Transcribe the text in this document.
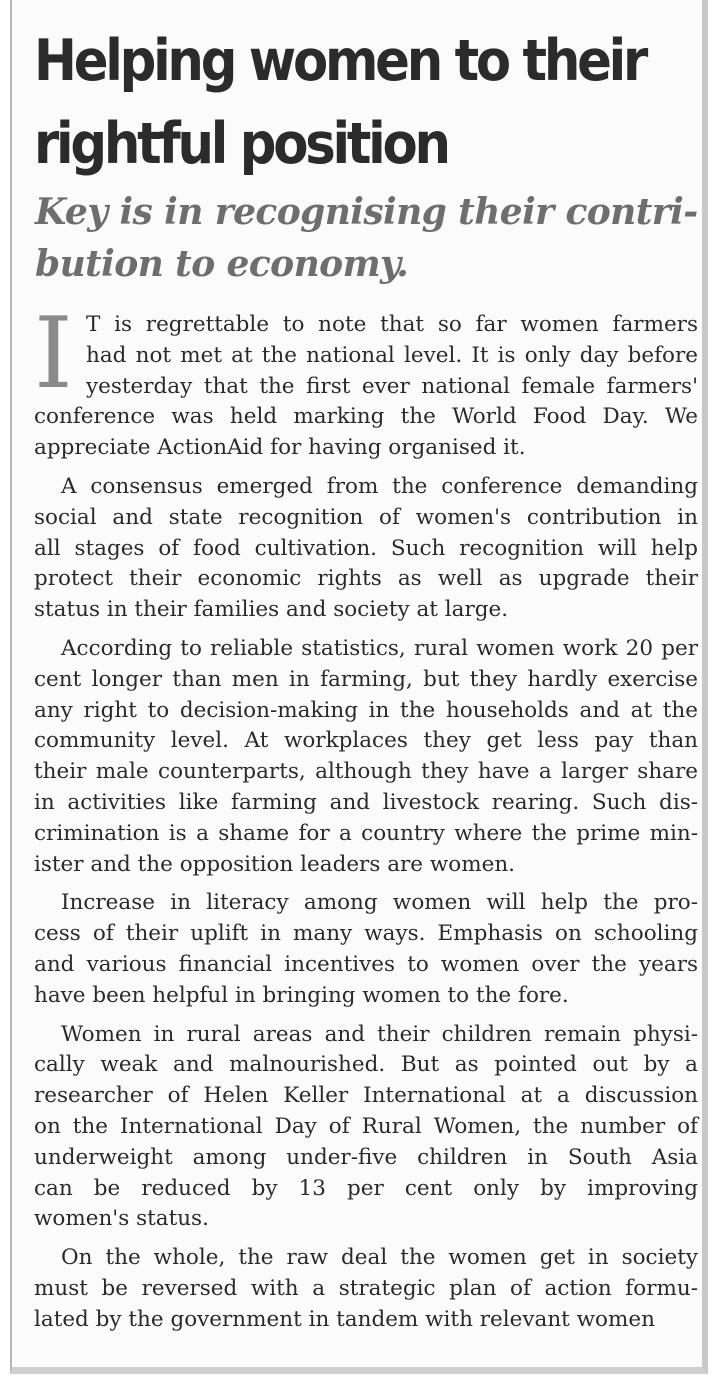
Helping women to their
rightful position
Key is in recognising their contri-
bution to economy.
I T is regrettable to note that so far women farmers
had not met at the national level. It is only day before
yesterday that the first ever national female farmers'
conference was held marking the World Food Day. We
appreciate ActionAid for having organised it.

A consensus emerged from the conference demanding
social and state recognition of women's contribution in
all stages of food cultivation. Such recognition will help
protect their economic rights as well as upgrade their
status in their families and society at large.

According to reliable statistics, rural women work 20 per
cent longer than men in farming, but they hardly exercise
any right to decision-making in the households and at the
community level. At workplaces they get less pay than
their male counterparts, although they have a larger share
in activities like farming and livestock rearing. Such dis-
crimination is a shame for a country where the prime min-
ister and the opposition leaders are women.

Increase in literacy among women will help the pro-
cess of their uplift in many ways. Emphasis on schooling
and various financial incentives to women over the years
have been helpful in bringing women to the fore.

Women in rural areas and their children remain physi-
cally weak and malnourished. But as pointed out by a
researcher of Helen Keller International at a discussion
on the International Day of Rural Women, the number of
underweight among under-five children in South Asia
can be reduced by 13 per cent only by improving
women's status.

On the whole, the raw deal the women get in society
must be reversed with a strategic plan of action formu-
lated by the government in tandem with relevant women
